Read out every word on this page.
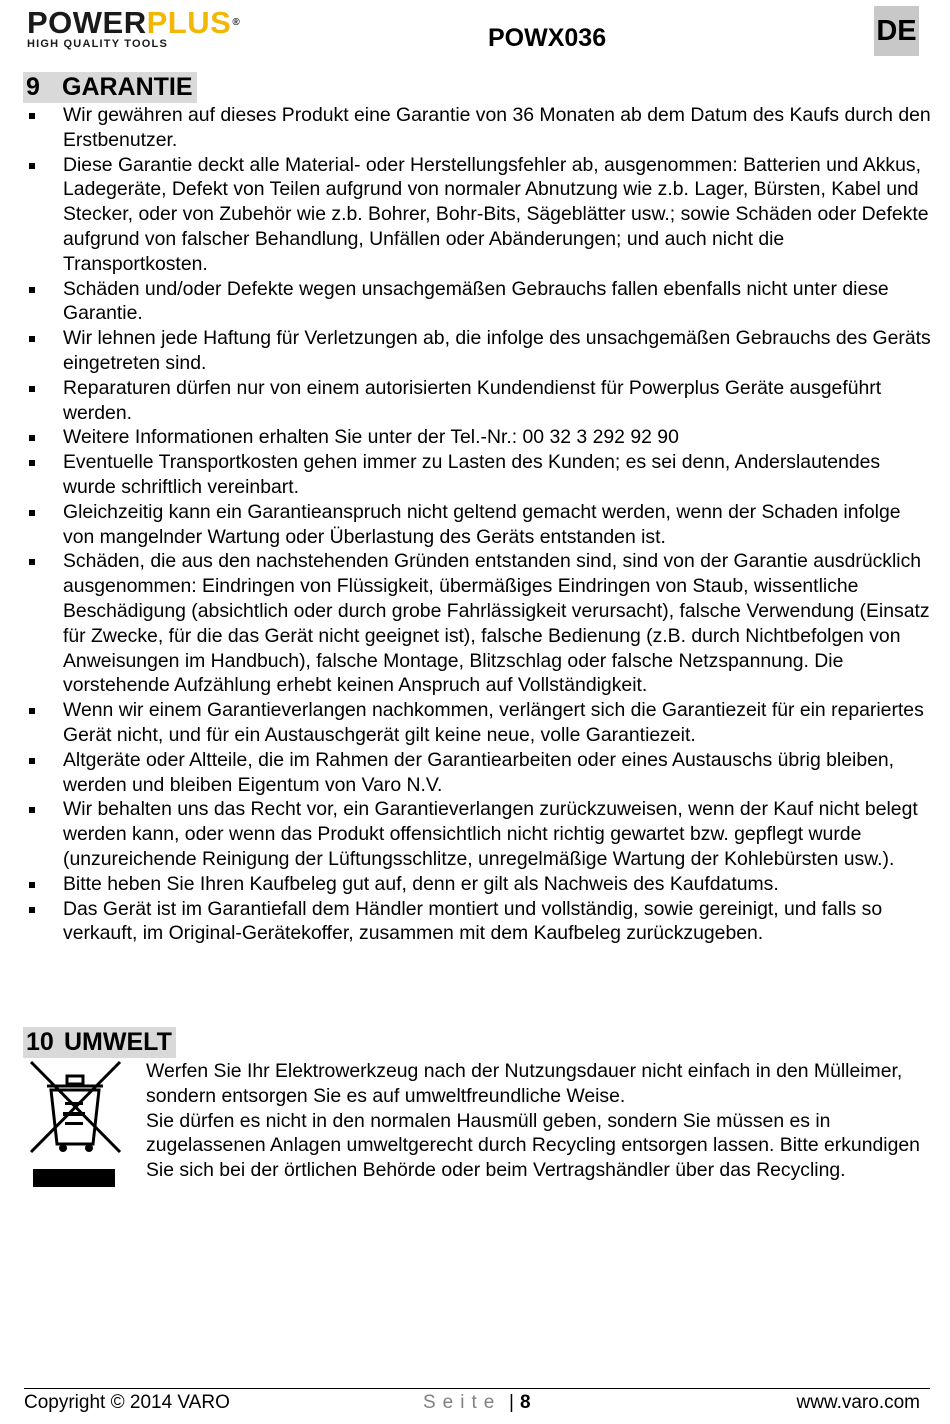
POWERPLUS®
HIGH QUALITY TOOLS	POWX036	DE
9 GARANTIE
Wir gewähren auf dieses Produkt eine Garantie von 36 Monaten ab dem Datum des Kaufs durch den Erstbenutzer.
Diese Garantie deckt alle Material- oder Herstellungsfehler ab, ausgenommen: Batterien und Akkus, Ladegeräte, Defekt von Teilen aufgrund von normaler Abnutzung wie z.b. Lager, Bürsten, Kabel und Stecker, oder von Zubehör wie z.b. Bohrer, Bohr-Bits, Sägeblätter usw.; sowie Schäden oder Defekte aufgrund von falscher Behandlung, Unfällen oder Abänderungen; und auch nicht die Transportkosten.
Schäden und/oder Defekte wegen unsachgemäßen Gebrauchs fallen ebenfalls nicht unter diese Garantie.
Wir lehnen jede Haftung für Verletzungen ab, die infolge des unsachgemäßen Gebrauchs des Geräts eingetreten sind.
Reparaturen dürfen nur von einem autorisierten Kundendienst für Powerplus Geräte ausgeführt werden.
Weitere Informationen erhalten Sie unter der Tel.-Nr.: 00 32 3 292 92 90
Eventuelle Transportkosten gehen immer zu Lasten des Kunden; es sei denn, Anderslautendes wurde schriftlich vereinbart.
Gleichzeitig kann ein Garantieanspruch nicht geltend gemacht werden, wenn der Schaden infolge von mangelnder Wartung oder Überlastung des Geräts entstanden ist.
Schäden, die aus den nachstehenden Gründen entstanden sind, sind von der Garantie ausdrücklich ausgenommen: Eindringen von Flüssigkeit, übermäßiges Eindringen von Staub, wissentliche Beschädigung (absichtlich oder durch grobe Fahrlässigkeit verursacht), falsche Verwendung (Einsatz für Zwecke, für die das Gerät nicht geeignet ist), falsche Bedienung (z.B. durch Nichtbefolgen von Anweisungen im Handbuch), falsche Montage, Blitzschlag oder falsche Netzspannung. Die vorstehende Aufzählung erhebt keinen Anspruch auf Vollständigkeit.
Wenn wir einem Garantieverlangen nachkommen, verlängert sich die Garantiezeit für ein repariertes Gerät nicht, und für ein Austauschgerät gilt keine neue, volle Garantiezeit.
Altgeräte oder Altteile, die im Rahmen der Garantiearbeiten oder eines Austauschs übrig bleiben, werden und bleiben Eigentum von Varo N.V.
Wir behalten uns das Recht vor, ein Garantieverlangen zurückzuweisen, wenn der Kauf nicht belegt werden kann, oder wenn das Produkt offensichtlich nicht richtig gewartet bzw. gepflegt wurde (unzureichende Reinigung der Lüftungsschlitze, unregelmäßige Wartung der Kohlebürsten usw.).
Bitte heben Sie Ihren Kaufbeleg gut auf, denn er gilt als Nachweis des Kaufdatums.
Das Gerät ist im Garantiefall dem Händler montiert und vollständig, sowie gereinigt, und falls so verkauft, im Original-Gerätekoffer, zusammen mit dem Kaufbeleg zurückzugeben.
10 UMWELT

Werfen Sie Ihr Elektrowerkzeug nach der Nutzungsdauer nicht einfach in den Mülleimer, sondern entsorgen Sie es auf umweltfreundliche Weise.

Sie dürfen es nicht in den normalen Hausmüll geben, sondern Sie müssen es in zugelassenen Anlagen umweltgerecht durch Recycling entsorgen lassen. Bitte erkundigen Sie sich bei der örtlichen Behörde oder beim Vertragshändler über das Recycling.

Copyright © 2014 VARO	Seite | 8	www.varo.com
